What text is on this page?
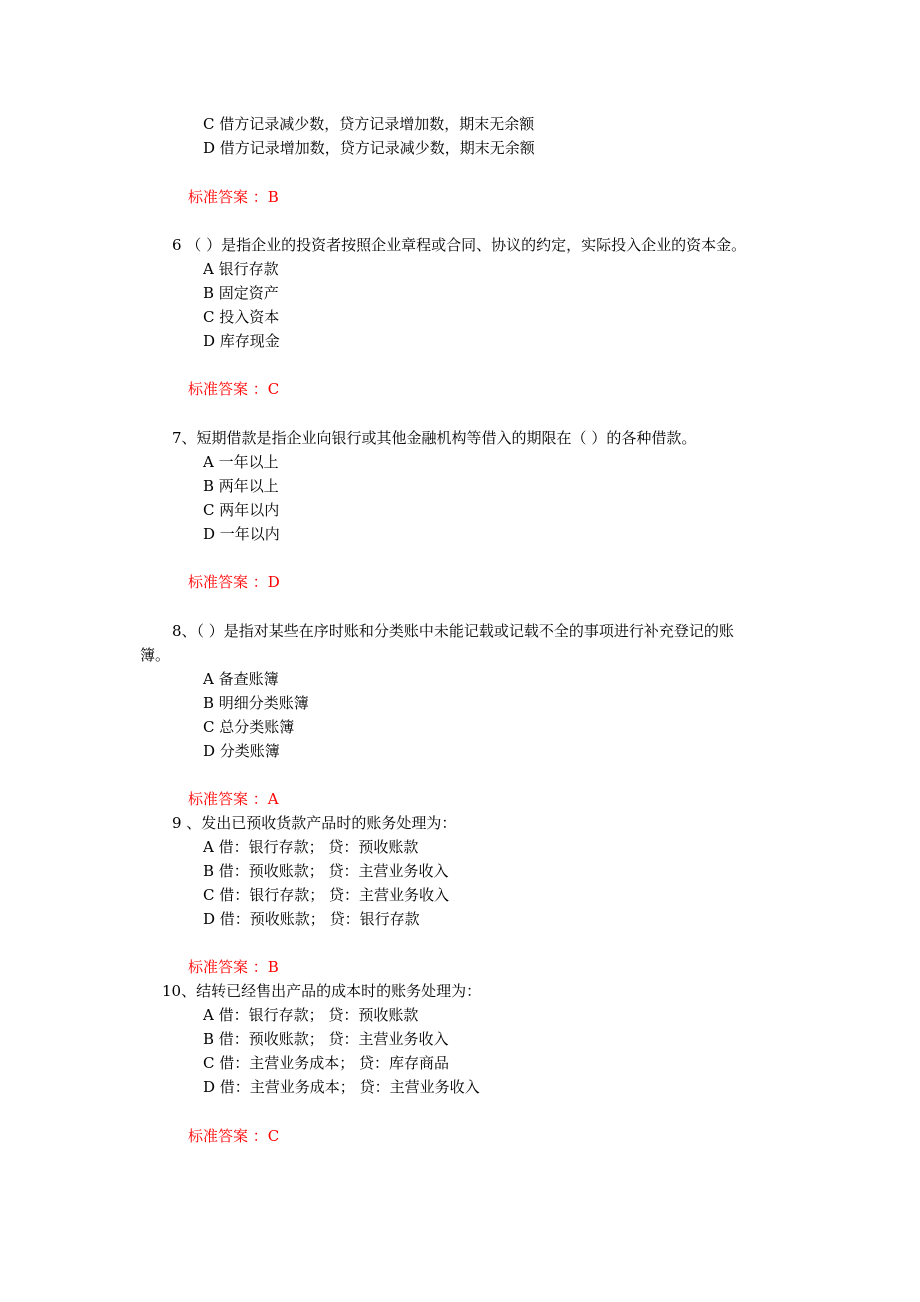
C 借方记录减少数，贷方记录增加数，期末无余额
D 借方记录增加数，贷方记录减少数，期末无余额
标准答案 ：B
6 （ ）是指企业的投资者按照企业章程或合同、协议的约定，实际投入企业的资本金。
A 银行存款
B 固定资产
C 投入资本
D 库存现金
标准答案 ：C
7、短期借款是指企业向银行或其他金融机构等借入的期限在（ ）的各种借款。
A 一年以上
B 两年以上
C 两年以内
D 一年以内
标准答案 ：D
8、（ ）是指对某些在序时账和分类账中未能记载或记载不全的事项进行补充登记的账
簿。
A 备查账簿
B 明细分类账簿
C 总分类账簿
D 分类账簿
标准答案 ：A
9 、发出已预收货款产品时的账务处理为：
A 借：银行存款； 贷：预收账款
B 借：预收账款； 贷：主营业务收入
C 借：银行存款； 贷：主营业务收入
D 借：预收账款； 贷：银行存款
标准答案 ：B
10、结转已经售出产品的成本时的账务处理为：
A 借：银行存款； 贷：预收账款
B 借：预收账款； 贷：主营业务收入
C 借：主营业务成本； 贷：库存商品
D 借：主营业务成本； 贷：主营业务收入
标准答案 ：C
